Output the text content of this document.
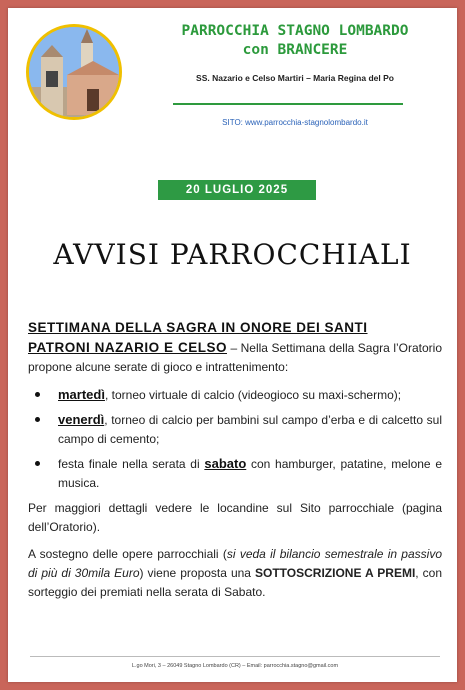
PARROCCHIA STAGNO LOMBARDO
con BRANCERE
SS. Nazario e Celso Martiri – Maria Regina del Po
SITO: www.parrocchia-stagnolombardo.it
20 LUGLIO 2025
AVVISI PARROCCHIALI

SETTIMANA DELLA SAGRA IN ONORE DEI SANTI
PATRONI NAZARIO E CELSO – Nella Settimana della Sagra l’Oratorio propone alcune serate di gioco e intrattenimento:

martedì, torneo virtuale di calcio (videogioco su maxi-schermo);
venerdì, torneo di calcio per bambini sul campo d’erba e di calcetto sul campo di cemento;
festa finale nella serata di sabato con hamburger, patatine, melone e musica.

Per maggiori dettagli vedere le locandine sul Sito parrocchiale (pagina dell’Oratorio).

A sostegno delle opere parrocchiali (si veda il bilancio semestrale in passivo di più di 30mila Euro) viene proposta una SOTTOSCRIZIONE A PREMI, con sorteggio dei premiati nella serata di Sabato.

L.go Mori, 3 – 26049 Stagno Lombardo (CR) – Email: parrocchia.stagno@gmail.com
